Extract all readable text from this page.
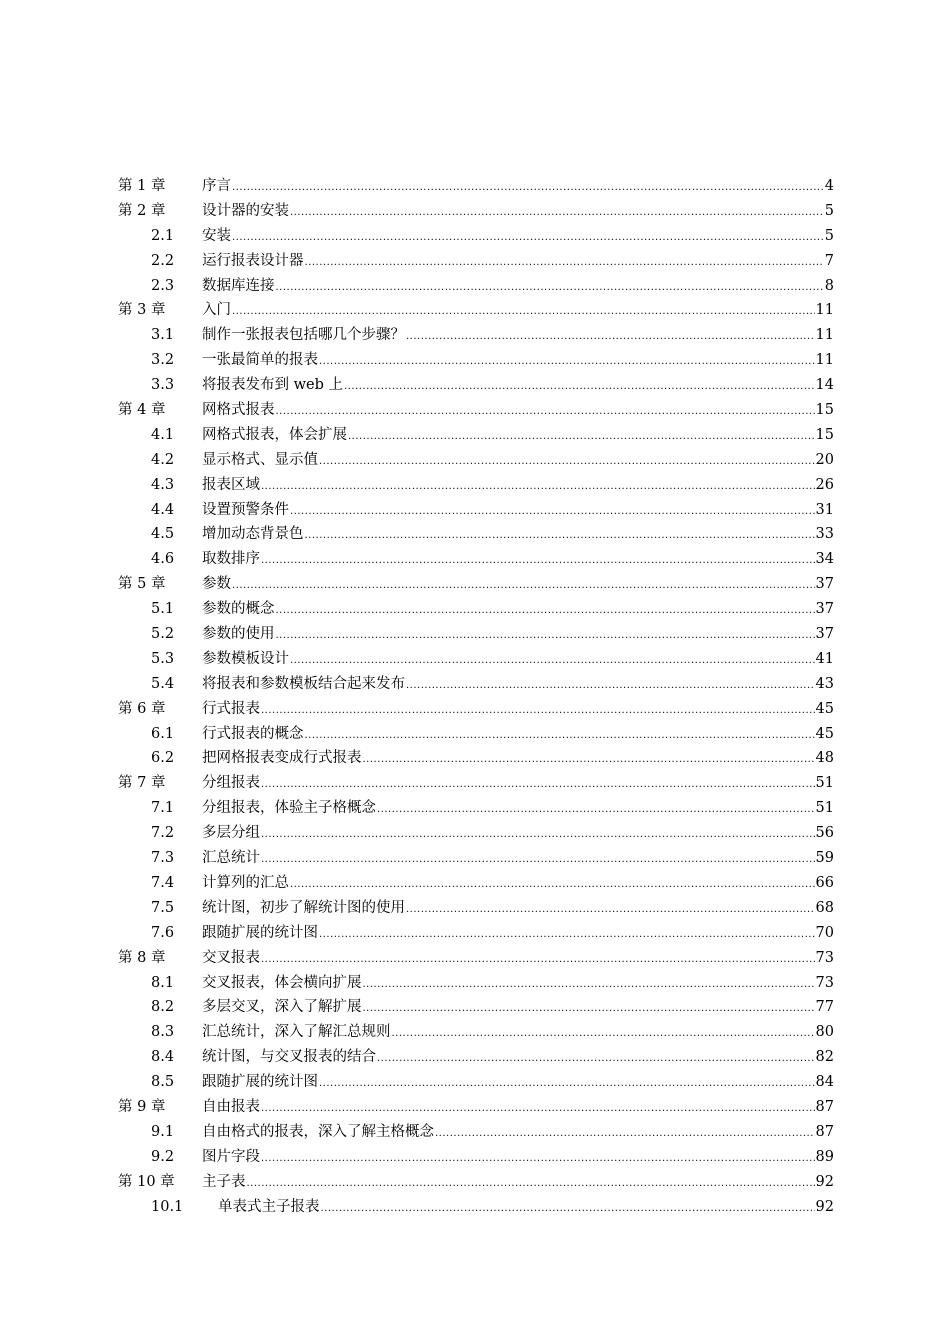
第 1 章	序言 .....	4
第 2 章	设计器的安装 .....	5
2.1	安装 .....	5
2.2	运行报表设计器 .....	7
2.3	数据库连接 .....	8
第 3 章	入门 .....	11
3.1	制作一张报表包括哪几个步骤？ .....	11
3.2	一张最简单的报表 .....	11
3.3	将报表发布到 web 上 .....	14
第 4 章	网格式报表 .....	15
4.1	网格式报表，体会扩展 .....	15
4.2	显示格式、显示值 .....	20
4.3	报表区域 .....	26
4.4	设置预警条件 .....	31
4.5	增加动态背景色 .....	33
4.6	取数排序 .....	34
第 5 章	参数 .....	37
5.1	参数的概念 .....	37
5.2	参数的使用 .....	37
5.3	参数模板设计 .....	41
5.4	将报表和参数模板结合起来发布 .....	43
第 6 章	行式报表 .....	45
6.1	行式报表的概念 .....	45
6.2	把网格报表变成行式报表 .....	48
第 7 章	分组报表 .....	51
7.1	分组报表，体验主子格概念 .....	51
7.2	多层分组 .....	56
7.3	汇总统计 .....	59
7.4	计算列的汇总 .....	66
7.5	统计图，初步了解统计图的使用 .....	68
7.6	跟随扩展的统计图 .....	70
第 8 章	交叉报表 .....	73
8.1	交叉报表，体会横向扩展 .....	73
8.2	多层交叉，深入了解扩展 .....	77
8.3	汇总统计，深入了解汇总规则 .....	80
8.4	统计图，与交叉报表的结合 .....	82
8.5	跟随扩展的统计图 .....	84
第 9 章	自由报表 .....	87
9.1	自由格式的报表，深入了解主格概念 .....	87
9.2	图片字段 .....	89
第 10 章	主子表 .....	92
10.1	单表式主子报表 .....	92
